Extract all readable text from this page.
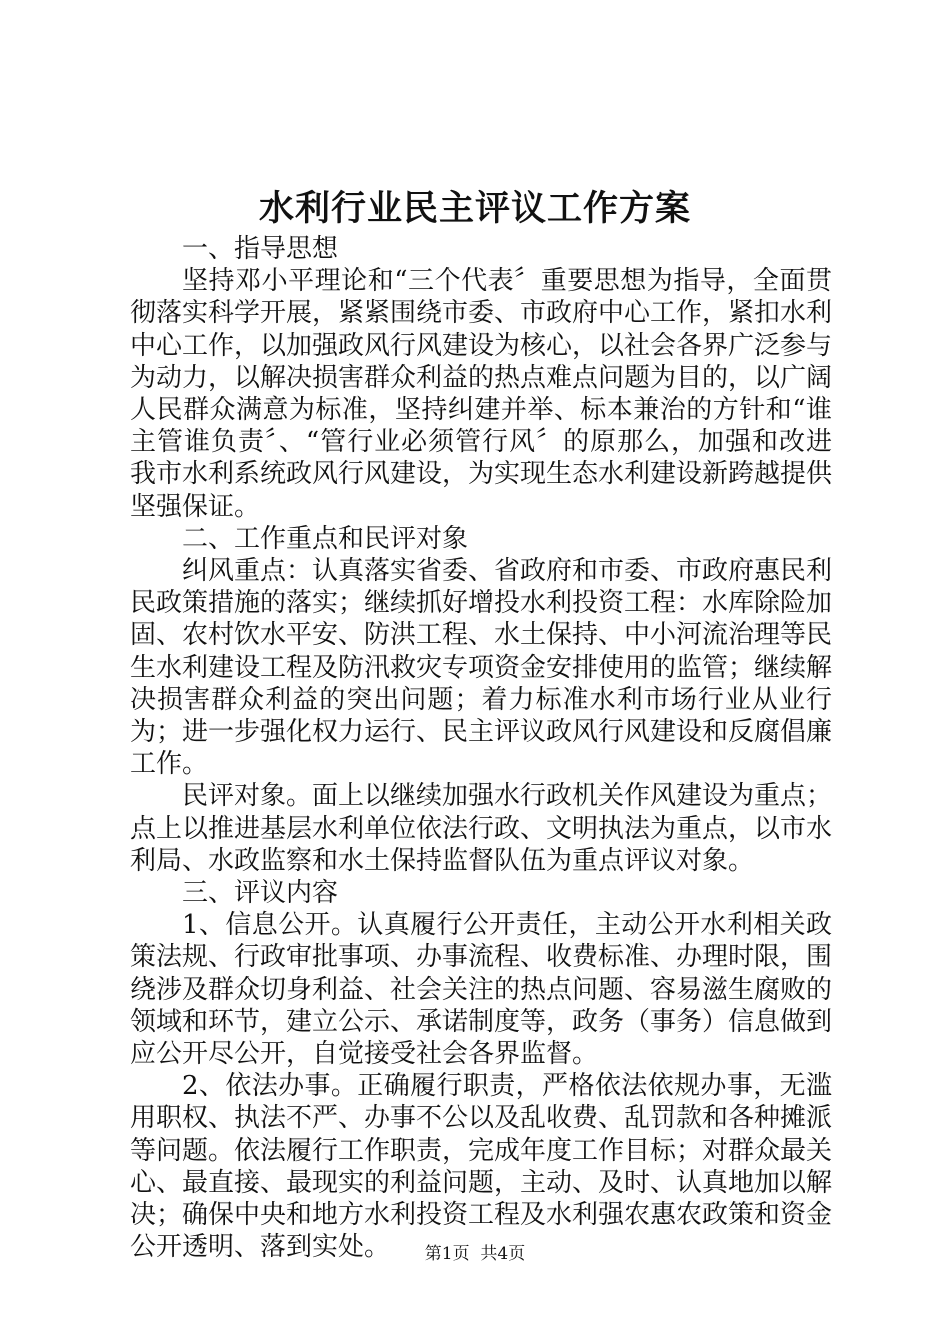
水利行业民主评议工作方案

一、指导思想

坚持邓小平理论和“三个代表〞重要思想为指导，全面贯彻落实科学开展，紧紧围绕市委、市政府中心工作，紧扣水利中心工作，以加强政风行风建设为核心，以社会各界广泛参与为动力，以解决损害群众利益的热点难点问题为目的，以广阔人民群众满意为标准，坚持纠建并举、标本兼治的方针和“谁主管谁负责〞、“管行业必须管行风〞的原那么，加强和改进我市水利系统政风行风建设，为实现生态水利建设新跨越提供坚强保证。

二、工作重点和民评对象

纠风重点：认真落实省委、省政府和市委、市政府惠民利民政策措施的落实；继续抓好增投水利投资工程：水库除险加固、农村饮水平安、防洪工程、水土保持、中小河流治理等民生水利建设工程及防汛救灾专项资金安排使用的监管；继续解决损害群众利益的突出问题；着力标准水利市场行业从业行为；进一步强化权力运行、民主评议政风行风建设和反腐倡廉工作。

民评对象。面上以继续加强水行政机关作风建设为重点；点上以推进基层水利单位依法行政、文明执法为重点，以市水利局、水政监察和水土保持监督队伍为重点评议对象。

三、评议内容

1、信息公开。认真履行公开责任，主动公开水利相关政策法规、行政审批事项、办事流程、收费标准、办理时限，围绕涉及群众切身利益、社会关注的热点问题、容易滋生腐败的领域和环节，建立公示、承诺制度等，政务（事务）信息做到应公开尽公开，自觉接受社会各界监督。

2、依法办事。正确履行职责，严格依法依规办事，无滥用职权、执法不严、办事不公以及乱收费、乱罚款和各种摊派等问题。依法履行工作职责，完成年度工作目标；对群众最关心、最直接、最现实的利益问题，主动、及时、认真地加以解决；确保中央和地方水利投资工程及水利强农惠农政策和资金公开透明、落到实处。	第1页 共4页
